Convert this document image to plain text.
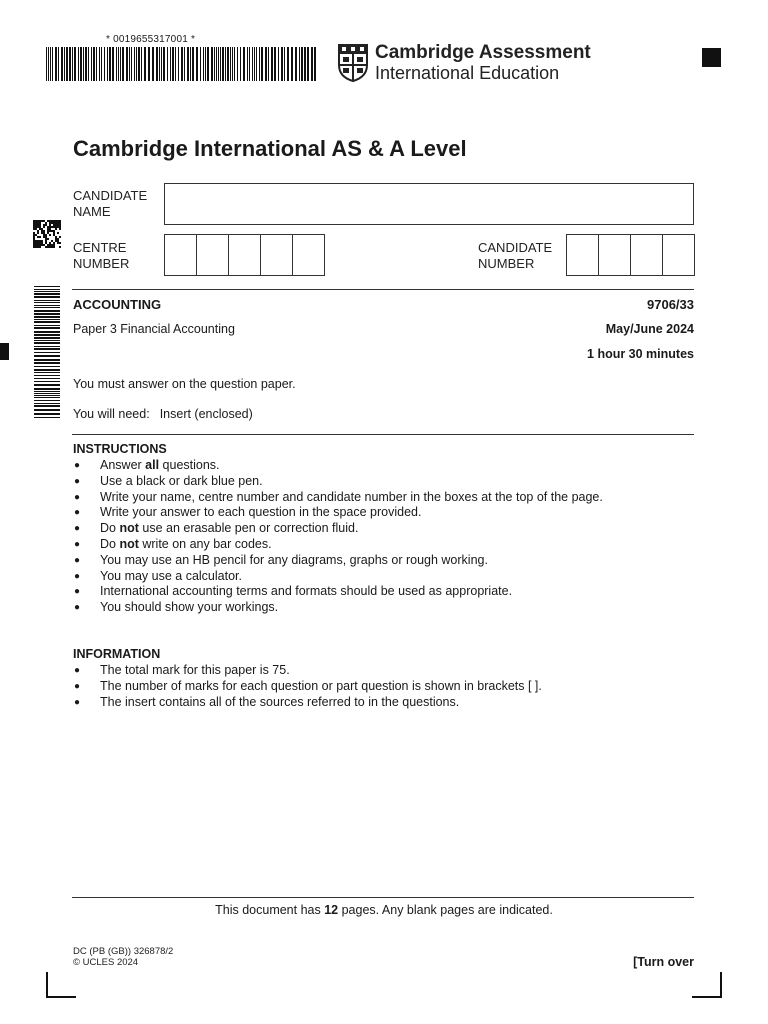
* 0019655317001 *
Cambridge Assessment
International Education
Cambridge International AS & A Level
CANDIDATE
NAME
CENTRE
NUMBER
CANDIDATE
NUMBER
ACCOUNTING	9706/33
Paper 3 Financial Accounting	May/June 2024
1 hour 30 minutes
You must answer on the question paper.
You will need: Insert (enclosed)
INSTRUCTIONS
● Answer all questions.
● Use a black or dark blue pen.
● Write your name, centre number and candidate number in the boxes at the top of the page.
● Write your answer to each question in the space provided.
● Do not use an erasable pen or correction fluid.
● Do not write on any bar codes.
● You may use an HB pencil for any diagrams, graphs or rough working.
● You may use a calculator.
● International accounting terms and formats should be used as appropriate.
● You should show your workings.
INFORMATION
● The total mark for this paper is 75.
● The number of marks for each question or part question is shown in brackets [ ].
● The insert contains all of the sources referred to in the questions.
This document has 12 pages. Any blank pages are indicated.
DC (PB (GB)) 326878/2
© UCLES 2024	[Turn over
